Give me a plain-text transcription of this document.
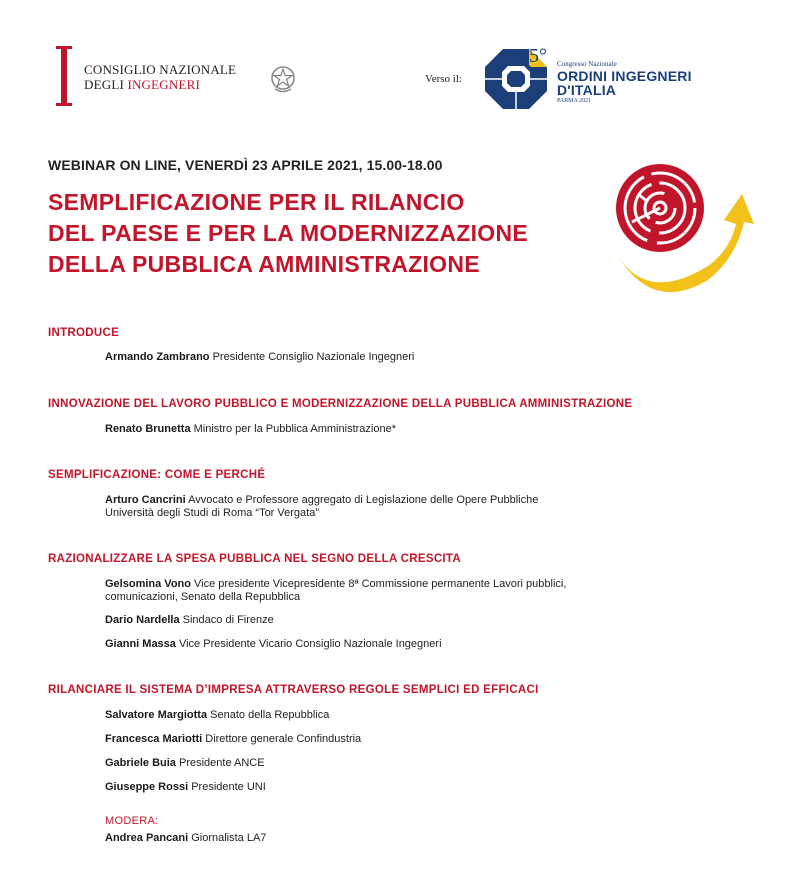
CONSIGLIO NAZIONALE
DEGLI INGEGNERI	Verso il:
65° Congresso Nazionale
ORDINI INGEGNERI
D'ITALIA
PARMA 2021
WEBINAR ON LINE, VENERDÌ 23 APRILE 2021, 15.00-18.00
SEMPLIFICAZIONE PER IL RILANCIO
DEL PAESE E PER LA MODERNIZZAZIONE
DELLA PUBBLICA AMMINISTRAZIONE
INTRODUCE
Armando Zambrano Presidente Consiglio Nazionale Ingegneri
INNOVAZIONE DEL LAVORO PUBBLICO E MODERNIZZAZIONE DELLA PUBBLICA AMMINISTRAZIONE
Renato Brunetta Ministro per la Pubblica Amministrazione*
SEMPLIFICAZIONE: COME E PERCHÉ
Arturo Cancrini Avvocato e Professore aggregato di Legislazione delle Opere Pubbliche
Università degli Studi di Roma “Tor Vergata”
RAZIONALIZZARE LA SPESA PUBBLICA NEL SEGNO DELLA CRESCITA
Gelsomina Vono Vice presidente Vicepresidente 8ª Commissione permanente Lavori pubblici,
comunicazioni, Senato della Repubblica
Dario Nardella Sindaco di Firenze
Gianni Massa Vice Presidente Vicario Consiglio Nazionale Ingegneri
RILANCIARE IL SISTEMA D’IMPRESA ATTRAVERSO REGOLE SEMPLICI ED EFFICACI
Salvatore Margiotta Senato della Repubblica
Francesca Mariotti Direttore generale Confindustria
Gabriele Buia Presidente ANCE
Giuseppe Rossi Presidente UNI
MODERA:
Andrea Pancani Giornalista LA7
